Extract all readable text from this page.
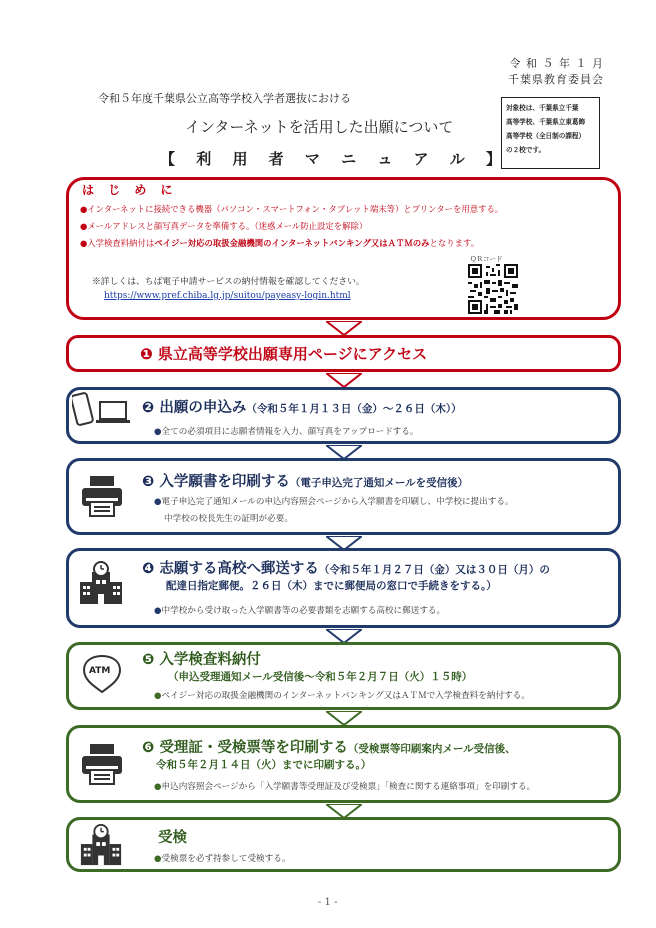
令 和 ５ 年 １ 月
千葉県教育委員会
令和５年度千葉県公立高等学校入学者選抜における
インターネットを活用した出願について
【 利 用 者 マ ニ ュ ア ル 】
対象校は、千葉県立千葉
高等学校、千葉県立東葛飾
高等学校（全日制の課程）
の２校です。
は じ め に
●インターネットに接続できる機器（パソコン・スマートフォン・タブレット端末等）とプリンターを用意する。
●メールアドレスと顔写真データを準備する。（迷惑メール防止設定を解除）
●入学検査料納付はペイジー対応の取扱金融機関のインターネットバンキング又はＡＴＭのみとなります。
※詳しくは、ちば電子申請サービスの納付情報を確認してください。
https://www.pref.chiba.lg.jp/suitou/payeasy-login.html
ＱＲコード
❶ 県立高等学校出願専用ページにアクセス
❷ 出願の申込み（令和５年１月１３日（金）～２６日（木））
●全ての必須項目に志願者情報を入力、顔写真をアップロードする。
❸ 入学願書を印刷する（電子申込完了通知メールを受信後）
●電子申込完了通知メールの申込内容照会ページから入学願書を印刷し、中学校に提出する。
中学校の校長先生の証明が必要。
❹ 志願する高校へ郵送する（令和５年１月２７日（金）又は３０日（月）の
配達日指定郵便。２６日（木）までに郵便局の窓口で手続きをする。）
●中学校から受け取った入学願書等の必要書類を志願する高校に郵送する。
ATM
❺ 入学検査料納付
（申込受理通知メール受信後～令和５年２月７日（火）１５時）
●ペイジー対応の取扱金融機関のインターネットバンキング又はＡＴＭで入学検査料を納付する。
❻ 受理証・受検票等を印刷する（受検票等印刷案内メール受信後、
令和５年２月１４日（火）までに印刷する。）
●申込内容照会ページから「入学願書等受理証及び受検票」「検査に関する連絡事項」を印刷する。
受検
●受検票を必ず持参して受検する。
- 1 -
